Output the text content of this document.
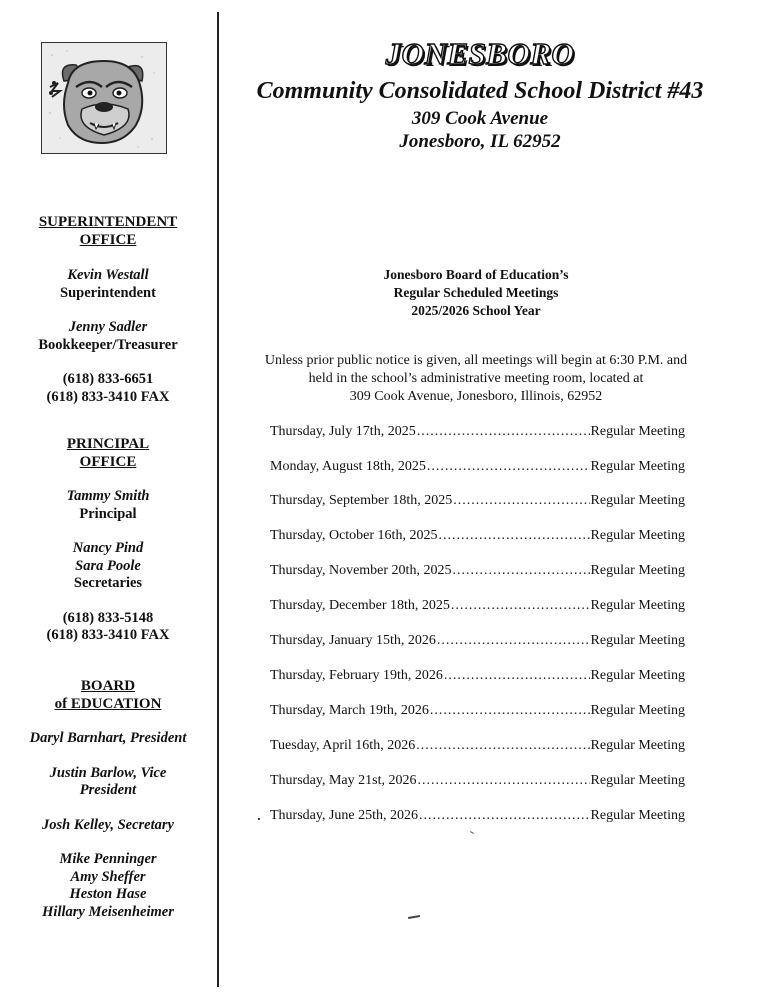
JONESBORO
Community Consolidated School District #43
309 Cook Avenue
Jonesboro, IL 62952
SUPERINTENDENT
OFFICE
Kevin Westall
Superintendent
Jenny Sadler
Bookkeeper/Treasurer
(618) 833-6651
(618) 833-3410 FAX
PRINCIPAL
OFFICE
Tammy Smith
Principal
Nancy Pind
Sara Poole
Secretaries
(618) 833-5148
(618) 833-3410 FAX
BOARD
of EDUCATION
Daryl Barnhart, President
Justin Barlow, Vice President
Josh Kelley, Secretary
Mike Penninger
Amy Sheffer
Heston Hase
Hillary Meisenheimer
Jonesboro Board of Education’s
Regular Scheduled Meetings
2025/2026 School Year
Unless prior public notice is given, all meetings will begin at 6:30 P.M. and
held in the school’s administrative meeting room, located at
309 Cook Avenue, Jonesboro, Illinois, 62952
Thursday, July 17th, 2025 .....	Regular Meeting
Monday, August 18th, 2025 .....	Regular Meeting
Thursday, September 18th, 2025 .....	Regular Meeting
Thursday, October 16th, 2025 .....	Regular Meeting
Thursday, November 20th, 2025 .....	Regular Meeting
Thursday, December 18th, 2025 .....	Regular Meeting
Thursday, January 15th, 2026 .....	Regular Meeting
Thursday, February 19th, 2026 .....	Regular Meeting
Thursday, March 19th, 2026 .....	Regular Meeting
Tuesday, April 16th, 2026 .....	Regular Meeting
Thursday, May 21st, 2026 .....	Regular Meeting
Thursday, June 25th, 2026 .....	Regular Meeting
